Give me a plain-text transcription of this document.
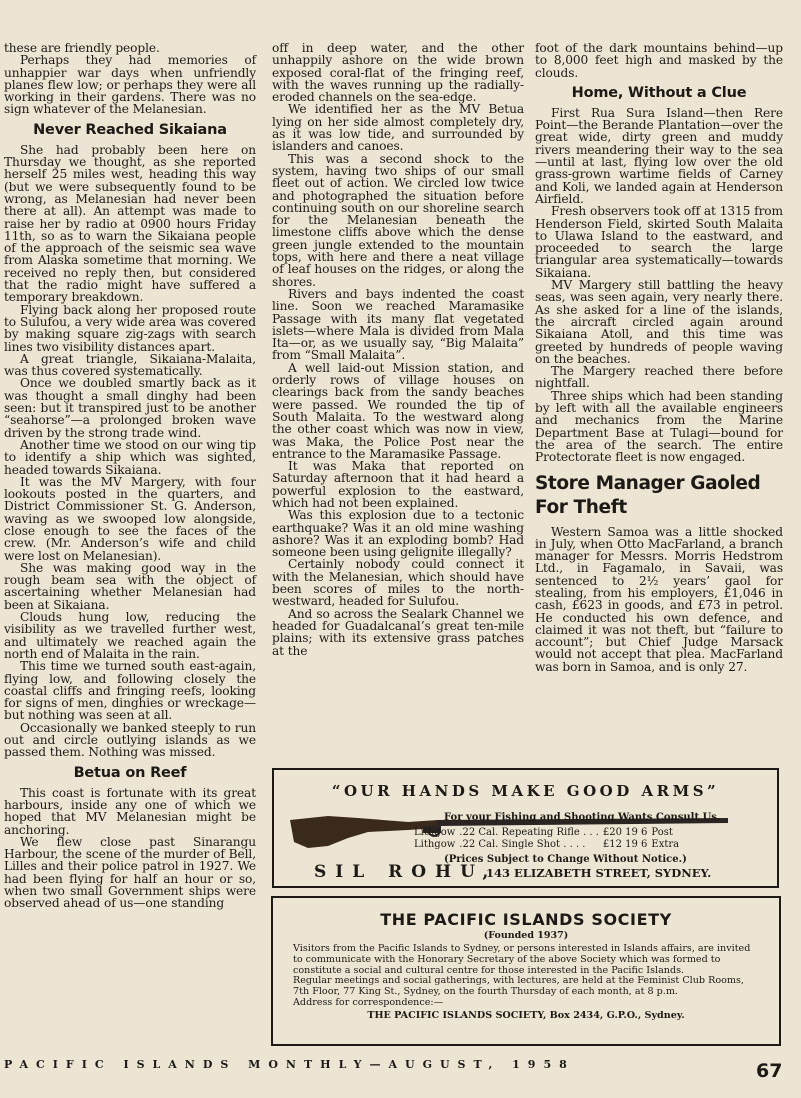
these are friendly people.

Perhaps they had memories of unhappier war days when unfriendly planes flew low; or perhaps they were all working in their gardens. There was no sign whatever of the Melanesian.

Never Reached Sikaiana

She had probably been here on Thursday we thought, as she reported herself 25 miles west, heading this way (but we were subsequently found to be wrong, as Melanesian had never been there at all). An attempt was made to raise her by radio at 0900 hours Friday 11th, so as to warn the Sikaiana people of the approach of the seismic sea wave from Alaska sometime that morning. We received no reply then, but considered that the radio might have suffered a temporary breakdown.

Flying back along her proposed route to Sulufou, a very wide area was covered by making square zig-zags with search lines two visibility distances apart.

A great triangle, Sikaiana-Malaita, was thus covered systematically.

Once we doubled smartly back as it was thought a small dinghy had been seen: but it transpired just to be another “seahorse”—a prolonged broken wave driven by the strong trade wind.

Another time we stood on our wing tip to identify a ship which was sighted, headed towards Sikaiana.

It was the MV Margery, with four lookouts posted in the quarters, and District Commissioner St. G. Anderson, waving as we swooped low alongside, close enough to see the faces of the crew. (Mr. Anderson’s wife and child were lost on Melanesian).

She was making good way in the rough beam sea with the object of ascertaining whether Melanesian had been at Sikaiana.

Clouds hung low, reducing the visibility as we travelled further west, and ultimately we reached again the north end of Malaita in the rain.

This time we turned south east-again, flying low, and following closely the coastal cliffs and fringing reefs, looking for signs of men, dinghies or wreckage—but nothing was seen at all.

Occasionally we banked steeply to run out and circle outlying islands as we passed them. Nothing was missed.

Betua on Reef

This coast is fortunate with its great harbours, inside any one of which we hoped that MV Melanesian might be anchoring.

We flew close past Sinarangu Harbour, the scene of the murder of Bell, Lilles and their police patrol in 1927. We had been flying for half an hour or so, when two small Government ships were observed ahead of us—one standing

off in deep water, and the other unhappily ashore on the wide brown exposed coral-flat of the fringing reef, with the waves running up the radially-eroded channels on the sea-edge.

We identified her as the MV Betua lying on her side almost completely dry, as it was low tide, and surrounded by islanders and canoes.

This was a second shock to the system, having two ships of our small fleet out of action. We circled low twice and photographed the situation before continuing south on our shoreline search for the Melanesian beneath the limestone cliffs above which the dense green jungle extended to the mountain tops, with here and there a neat village of leaf houses on the ridges, or along the shores.

Rivers and bays indented the coast line. Soon we reached Maramasike Passage with its many flat vegetated islets—where Mala is divided from Mala Ita—or, as we usually say, “Big Malaita” from “Small Malaita”.

A well laid-out Mission station, and orderly rows of village houses on clearings back from the sandy beaches were passed. We rounded the tip of South Malaita. To the westward along the other coast which was now in view, was Maka, the Police Post near the entrance to the Maramasike Passage.

It was Maka that reported on Saturday afternoon that it had heard a powerful explosion to the eastward, which had not been explained.

Was this explosion due to a tectonic earthquake? Was it an old mine washing ashore? Was it an exploding bomb? Had someone been using gelignite illegally?

Certainly nobody could connect it with the Melanesian, which should have been scores of miles to the north-westward, headed for Sulufou.

And so across the Sealark Channel we headed for Guadalcanal’s great ten-mile plains; with its extensive grass patches at the

foot of the dark mountains behind—up to 8,000 feet high and masked by the clouds.

Home, Without a Clue

First Rua Sura Island—then Rere Point—the Berande Plantation—over the great wide, dirty green and muddy rivers meandering their way to the sea—until at last, flying low over the old grass-grown wartime fields of Carney and Koli, we landed again at Henderson Airfield.

Fresh observers took off at 1315 from Henderson Field, skirted South Malaita to Ulawa Island to the eastward, and proceeded to search the large triangular area systematically—towards Sikaiana.

MV Margery still battling the heavy seas, was seen again, very nearly there. As she asked for a line of the islands, the aircraft circled again around Sikaiana Atoll, and this time was greeted by hundreds of people waving on the beaches.

The Margery reached there before nightfall.

Three ships which had been standing by left with all the available engineers and mechanics from the Marine Department Base at Tulagi—bound for the area of the search. The entire Protectorate fleet is now engaged.

Store Manager Gaoled For Theft

Western Samoa was a little shocked in July, when Otto MacFarland, a branch manager for Messrs. Morris Hedstrom Ltd., in Fagamalo, in Savaii, was sentenced to 2½ years’ gaol for stealing, from his employers, £1,046 in cash, £623 in goods, and £73 in petrol. He conducted his own defence, and claimed it was not theft, but “failure to account”; but Chief Judge Marsack would not accept that plea. MacFarland was born in Samoa, and is only 27.

“OUR HANDS MAKE GOOD ARMS”
For your Fishing and Shooting Wants Consult Us.
Lithgow	.22 Cal. Repeating Rifle . . .	£20 19 6	Post Extra
Lithgow	.22 Cal. Single Shot . . . .	£12 19 6	
(Prices Subject to Change Without Notice.)
SIL ROHU,
143 ELIZABETH STREET, SYDNEY.
THE PACIFIC ISLANDS SOCIETY
(Founded 1937)
Visitors from the Pacific Islands to Sydney, or persons interested in Islands affairs, are invited to communicate with the Honorary Secretary of the above Society which was formed to constitute a social and cultural centre for those interested in the Pacific Islands.
Regular meetings and social gatherings, with lectures, are held at the Feminist Club Rooms, 7th Floor, 77 King St., Sydney, on the fourth Thursday of each month, at 8 p.m.
Address for correspondence:—
THE PACIFIC ISLANDS SOCIETY, Box 2434, G.P.O., Sydney.
PACIFIC ISLANDS MONTHLY—AUGUST, 1958	67
